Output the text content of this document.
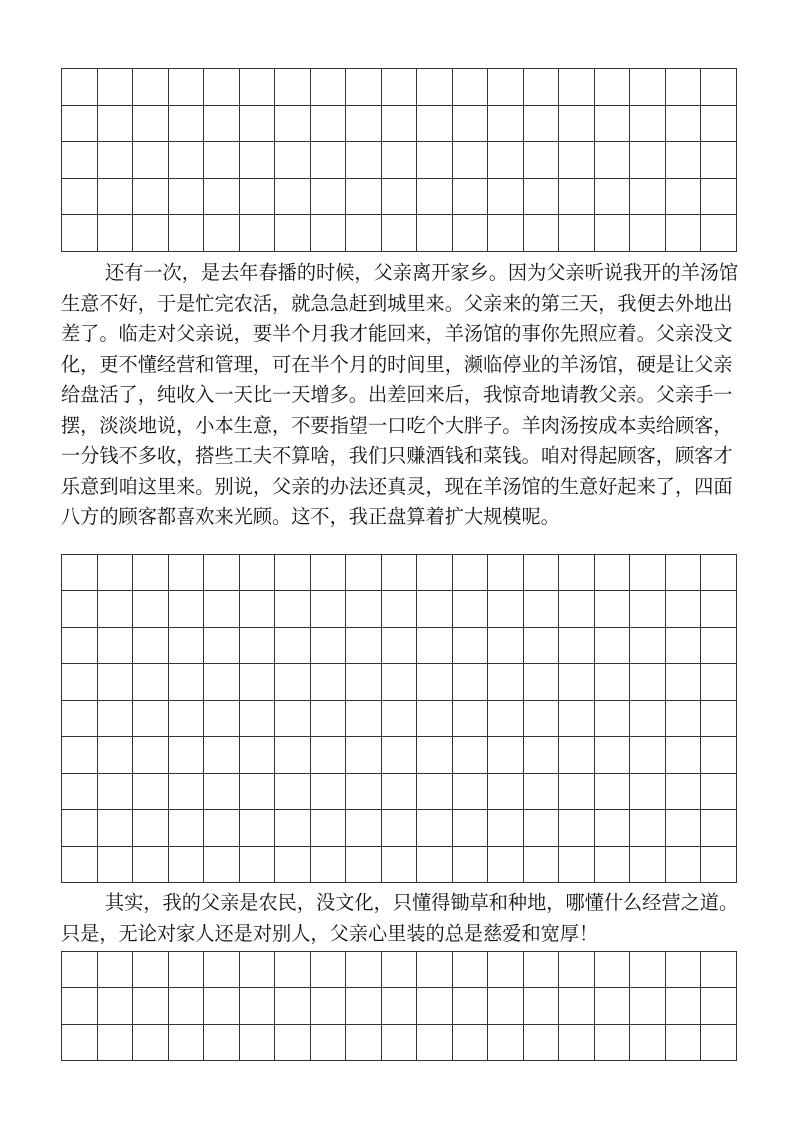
还有一次，是去年春播的时候，父亲离开家乡。因为父亲听说我开的羊汤馆
生意不好，于是忙完农活，就急急赶到城里来。父亲来的第三天，我便去外地出
差了。临走对父亲说，要半个月我才能回来，羊汤馆的事你先照应着。父亲没文
化，更不懂经营和管理，可在半个月的时间里，濒临停业的羊汤馆，硬是让父亲
给盘活了，纯收入一天比一天增多。出差回来后，我惊奇地请教父亲。父亲手一
摆，淡淡地说，小本生意，不要指望一口吃个大胖子。羊肉汤按成本卖给顾客，
一分钱不多收，搭些工夫不算啥，我们只赚酒钱和菜钱。咱对得起顾客，顾客才
乐意到咱这里来。别说，父亲的办法还真灵，现在羊汤馆的生意好起来了，四面
八方的顾客都喜欢来光顾。这不，我正盘算着扩大规模呢。

其实，我的父亲是农民，没文化，只懂得锄草和种地，哪懂什么经营之道。
只是，无论对家人还是对别人，父亲心里装的总是慈爱和宽厚！
